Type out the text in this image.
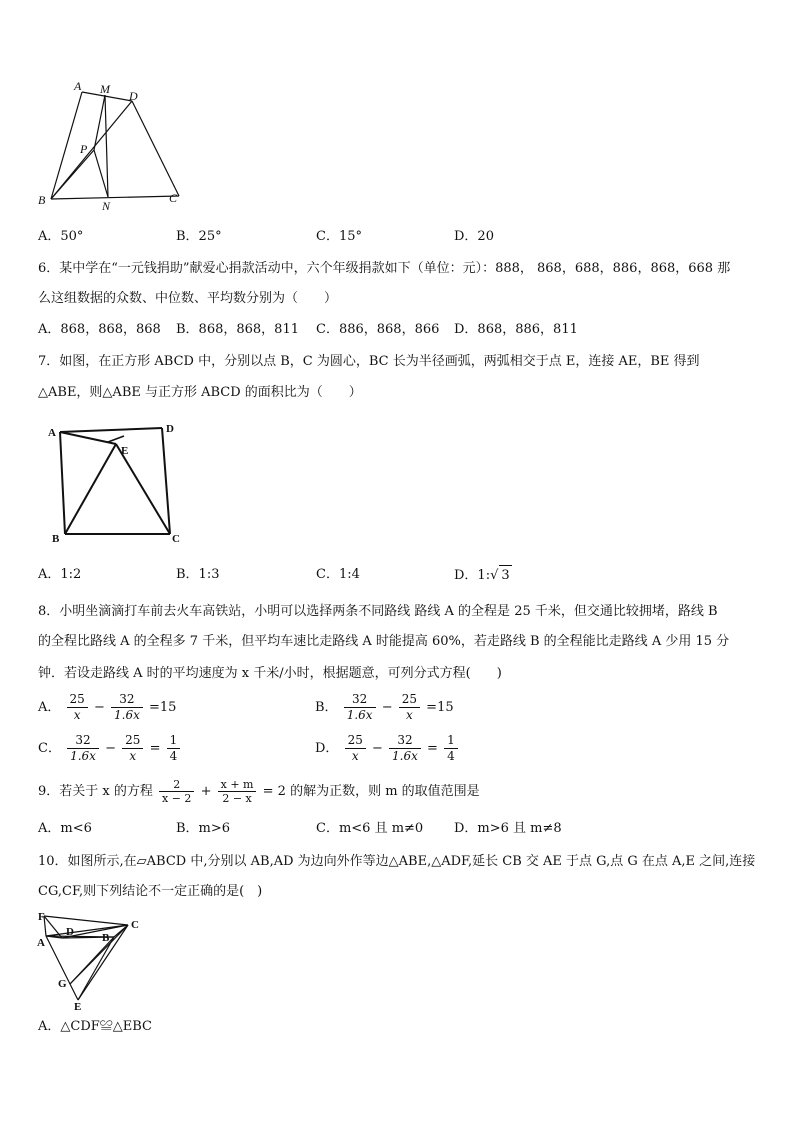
A M D
P
B	N
C
A．50°	B．25°	C．15°	D．20
6．某中学在“一元钱捐助”献爱心捐款活动中，六个年级捐款如下（单位：元）：888， 868，688，886，868，668 那
么这组数据的众数、中位数、平均数分别为（　　）
A．868，868，868 B．868，868，811 C．886，868，866 D．868，886，811
7．如图，在正方形 ABCD 中，分别以点 B，C 为圆心，BC 长为半径画弧，两弧相交于点 E，连接 AE，BE 得到
△ABE，则△ABE 与正方形 ABCD 的面积比为（　　）
A	D
E
B	C
A．1:2	B．1:3	C．1:4	D．1:√ 3
8．小明坐滴滴打车前去火车高铁站，小明可以选择两条不同路线 路线 A 的全程是 25 千米，但交通比较拥堵，路线 B
的全程比路线 A 的全程多 7 千米，但平均车速比走路线 A 时能提高 60%，若走路线 B 的全程能比走路线 A 少用 15 分
钟．若设走路线 A 时的平均速度为 x 千米/小时，根据题意，可列分式方程(　　)
A． $\frac{25}{x} - \frac{32}{1.6x} =15$	B． $\frac{32}{1.6x} - \frac{25}{x} =15$
C． $\frac{32}{1.6x} - \frac{25}{x} = \frac{1}{4}$	D． $\frac{25}{x} - \frac{32}{1.6x} = \frac{1}{4}$
9．若关于 x 的方程 $\frac{2}{x - 2} + \frac{x + m}{2 - x} = 2$ 的解为正数，则 m 的取值范围是
A．m<6	B．m>6	C．m<6 且 m≠0 D．m>6 且 m≠8
10．如图所示,在▱ABCD 中,分别以 AB,AD 为边向外作等边△ABE,△ADF,延长 CB 交 AE 于点 G,点 G 在点 A,E 之间,连接
CG,CF,则下列结论不一定正确的是(　)
F
C
D
A	B
G
E
A．△CDF≌△EBC
